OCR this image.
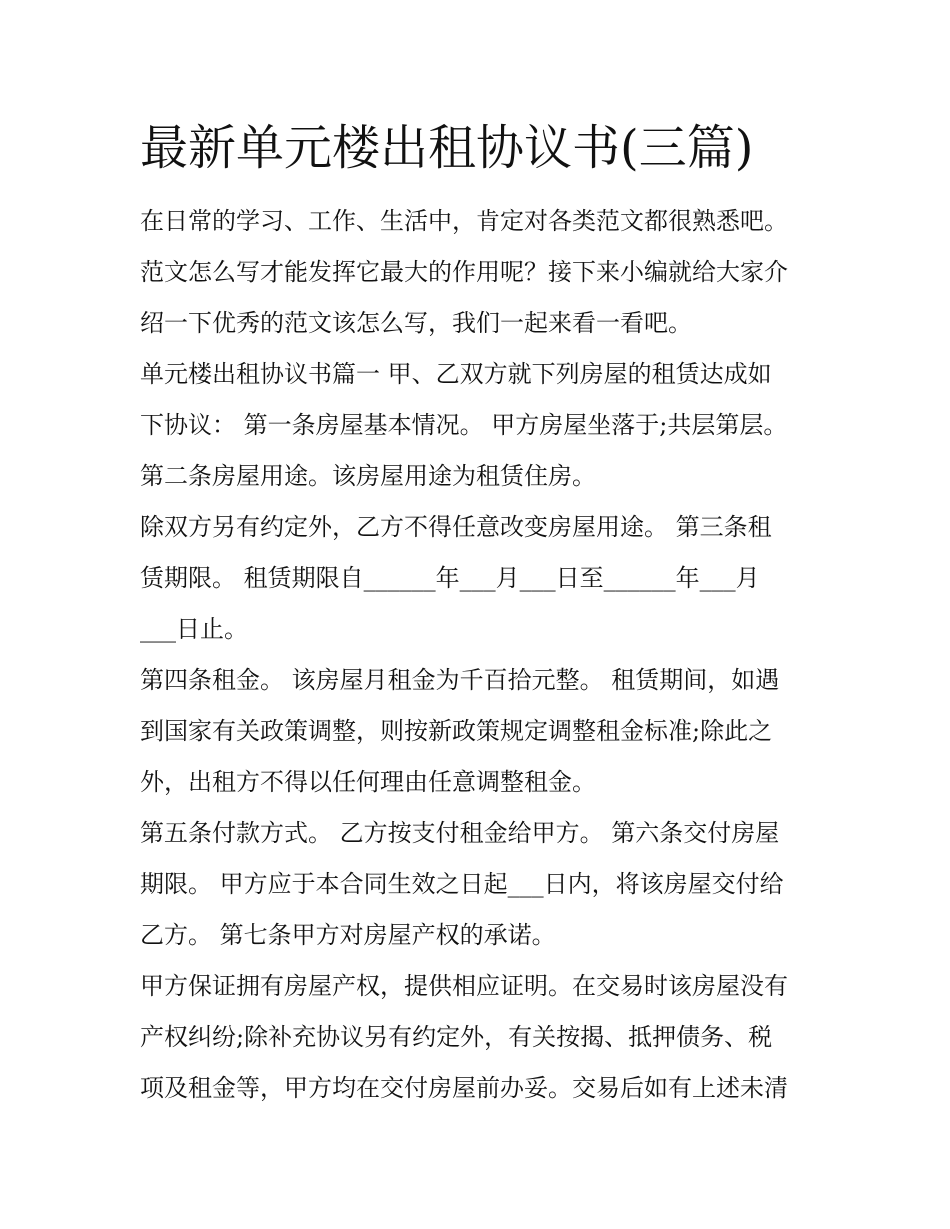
最新单元楼出租协议书(三篇)
在日常的学习、工作、生活中，肯定对各类范文都很熟悉吧。
范文怎么写才能发挥它最大的作用呢？接下来小编就给大家介
绍一下优秀的范文该怎么写，我们一起来看一看吧。
单元楼出租协议书篇一 甲、乙双方就下列房屋的租赁达成如
下协议： 第一条房屋基本情况。 甲方房屋坐落于;共层第层。
第二条房屋用途。该房屋用途为租赁住房。
除双方另有约定外，乙方不得任意改变房屋用途。 第三条租
赁期限。 租赁期限自______年___月___日至______年___月
___日止。
第四条租金。 该房屋月租金为千百拾元整。 租赁期间，如遇
到国家有关政策调整，则按新政策规定调整租金标准;除此之
外，出租方不得以任何理由任意调整租金。
第五条付款方式。 乙方按支付租金给甲方。 第六条交付房屋
期限。 甲方应于本合同生效之日起___日内，将该房屋交付给
乙方。 第七条甲方对房屋产权的承诺。
甲方保证拥有房屋产权，提供相应证明。在交易时该房屋没有
产权纠纷;除补充协议另有约定外，有关按揭、抵押债务、税
项及租金等，甲方均在交付房屋前办妥。交易后如有上述未清
